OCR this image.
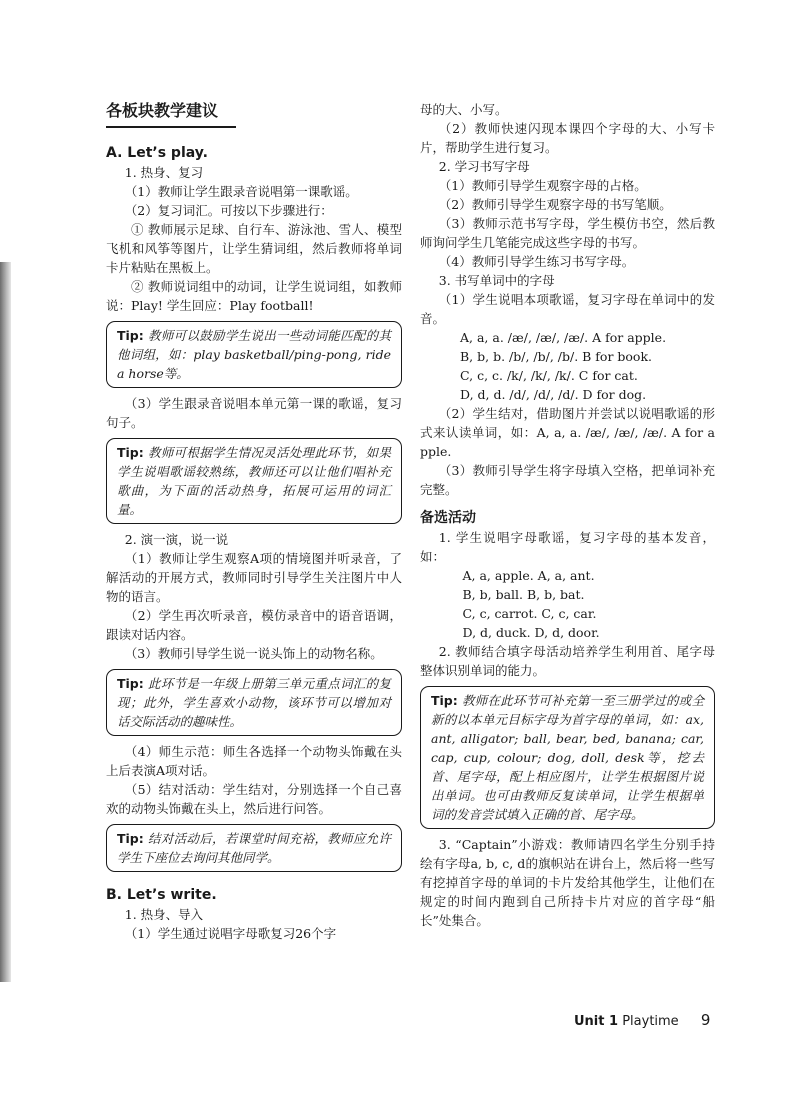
各板块教学建议
A. Let’s play.

1. 热身、复习

（1）教师让学生跟录音说唱第一课歌谣。

（2）复习词汇。可按以下步骤进行：

① 教师展示足球、自行车、游泳池、雪人、模型飞机和风筝等图片，让学生猜词组，然后教师将单词卡片粘贴在黑板上。

② 教师说词组中的动词，让学生说词组，如教师说：Play! 学生回应：Play football!

Tip: 教师可以鼓励学生说出一些动词能匹配的其他词组，如：play basketball/ping-pong, ride a horse等。

（3）学生跟录音说唱本单元第一课的歌谣，复习句子。

Tip: 教师可根据学生情况灵活处理此环节，如果学生说唱歌谣较熟练，教师还可以让他们唱补充歌曲，为下面的活动热身，拓展可运用的词汇量。

2. 演一演，说一说

（1）教师让学生观察A项的情境图并听录音，了解活动的开展方式，教师同时引导学生关注图片中人物的语言。

（2）学生再次听录音，模仿录音中的语音语调，跟读对话内容。

（3）教师引导学生说一说头饰上的动物名称。

Tip: 此环节是一年级上册第三单元重点词汇的复现；此外，学生喜欢小动物，该环节可以增加对话交际活动的趣味性。

（4）师生示范：师生各选择一个动物头饰戴在头上后表演A项对话。

（5）结对活动：学生结对，分别选择一个自己喜欢的动物头饰戴在头上，然后进行问答。

Tip: 结对活动后，若课堂时间充裕，教师应允许学生下座位去询问其他同学。
B. Let’s write.

1. 热身、导入

（1）学生通过说唱字母歌复习26个字

母的大、小写。

（2）教师快速闪现本课四个字母的大、小写卡片，帮助学生进行复习。

2. 学习书写字母

（1）教师引导学生观察字母的占格。

（2）教师引导学生观察字母的书写笔顺。

（3）教师示范书写字母，学生模仿书空，然后教师询问学生几笔能完成这些字母的书写。

（4）教师引导学生练习书写字母。

3. 书写单词中的字母

（1）学生说唱本项歌谣，复习字母在单词中的发音。

A, a, a. /æ/, /æ/, /æ/. A for apple.

B, b, b. /b/, /b/, /b/. B for book.

C, c, c. /k/, /k/, /k/. C for cat.

D, d, d. /d/, /d/, /d/. D for dog.

（2）学生结对，借助图片并尝试以说唱歌谣的形式来认读单词，如：A, a, a. /æ/, /æ/, /æ/. A for apple.

（3）教师引导学生将字母填入空格，把单词补充完整。

备选活动

1. 学生说唱字母歌谣，复习字母的基本发音，如：

A, a, apple. A, a, ant.

B, b, ball. B, b, bat.

C, c, carrot. C, c, car.

D, d, duck. D, d, door.

2. 教师结合填字母活动培养学生利用首、尾字母整体识别单词的能力。

Tip: 教师在此环节可补充第一至三册学过的或全新的以本单元目标字母为首字母的单词，如：ax, ant, alligator; ball, bear, bed, banana; car, cap, cup, colour; dog, doll, desk等，挖去首、尾字母，配上相应图片，让学生根据图片说出单词。也可由教师反复读单词，让学生根据单词的发音尝试填入正确的首、尾字母。

3. “Captain”小游戏：教师请四名学生分别手持绘有字母a, b, c, d的旗帜站在讲台上，然后将一些写有挖掉首字母的单词的卡片发给其他学生，让他们在规定的时间内跑到自己所持卡片对应的首字母“船长”处集合。

Unit 1 Playtime 9
